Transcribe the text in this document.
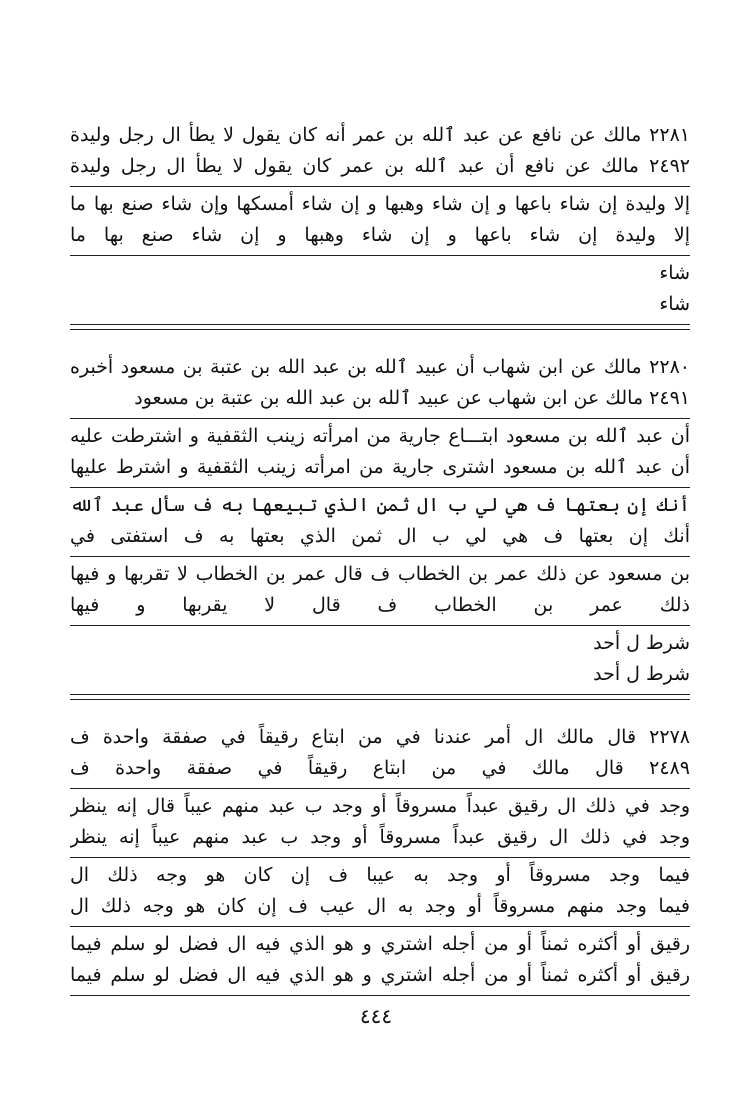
٢٢٨١ مالك عن نافع عن عبد ٱلله بن عمر أنه كان يقول لا يطأ ال رجل وليدة
٢٤٩٢ مالك عن نافع أن عبد ٱلله بن عمر كان يقول لا يطأ ال رجل وليدة
إلا وليدة إن شاء باعها و إن شاء وهبها و إن شاء أمسكها وإن شاء صنع بها ما
إلا وليدة إن شاء باعها و إن شاء وهبها و إن شاء صنع بها ما
شاء
شاء
٢٢٨٠ مالك عن ابن شهاب أن عبيد ٱلله بن عبد الله بن عتبة بن مسعود أخبره
٢٤٩١ مالك عن ابن شهاب عن عبيد ٱلله بن عبد الله بن عتبة بن مسعود
أن عبد ٱلله بن مسعود ابتـــاع جارية من امرأته زينب الثقفية و اشترطت عليه
أن عبد ٱلله بن مسعود اشترى جارية من امرأته زينب الثقفية و اشترط عليها
أنك إن بعتها ف هي لي ب ال ثمن الذي تبيعها به ف سأل عبد ٱلله
أنك إن بعتها ف هي لي ب ال ثمن الذي بعتها به ف استفتى في
بن مسعود عن ذلك عمر بن الخطاب ف قال عمر بن الخطاب لا تقربها و فيها
ذلك عمر بن الخطاب ف قال لا يقربها و فيها
شرط ل أحد
شرط ل أحد
٢٢٧٨ قال مالك ال أمر عندنا في من ابتاع رقيقاً في صفقة واحدة ف
٢٤٨٩ قال مالك في من ابتاع رقيقاً في صفقة واحدة ف
وجد في ذلك ال رقيق عبداً مسروقاً أو وجد ب عبد منهم عيباً قال إنه ينظر
وجد في ذلك ال رقيق عبداً مسروقاً أو وجد ب عبد منهم عيباً إنه ينظر
فيما وجد مسروقاً أو وجد به عيبا ف إن كان هو وجه ذلك ال
فيما وجد منهم مسروقاً أو وجد به ال عيب ف إن كان هو وجه ذلك ال
رقيق أو أكثره ثمناً أو من أجله اشتري و هو الذي فيه ال فضل لو سلم فيما
رقيق أو أكثره ثمناً أو من أجله اشتري و هو الذي فيه ال فضل لو سلم فيما
٤٤٤
